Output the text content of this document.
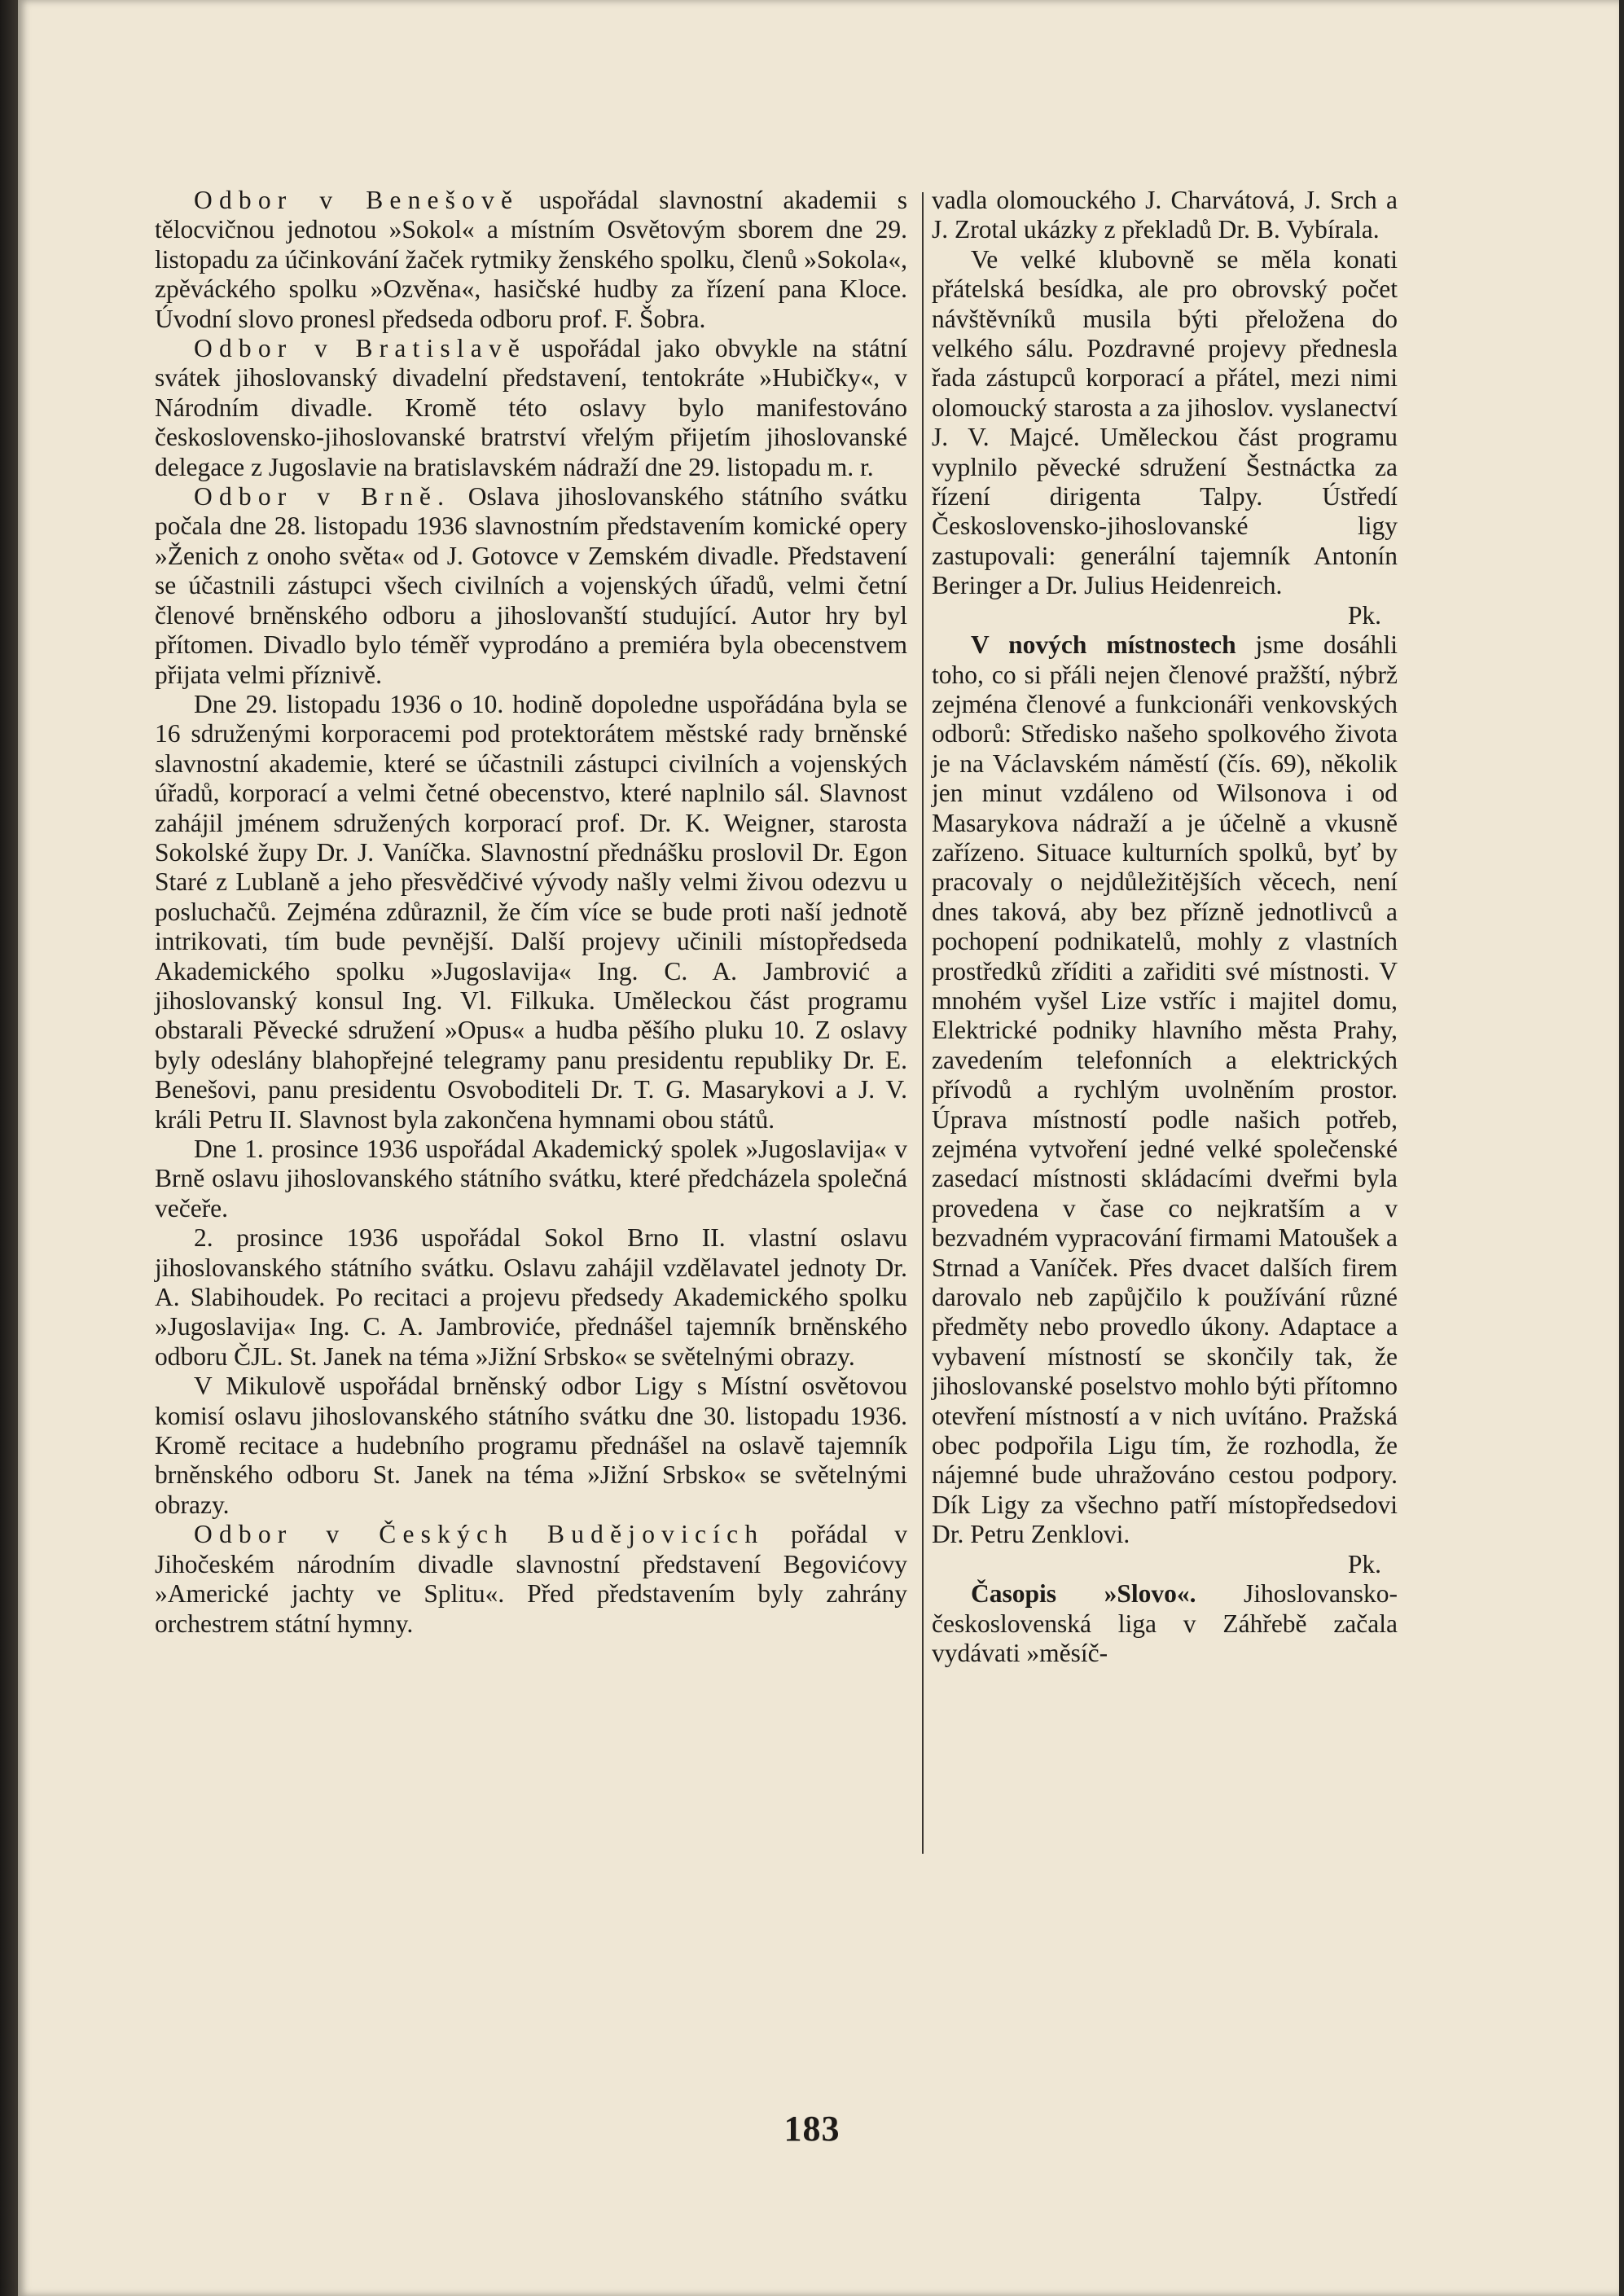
Odbor v Benešově uspořádal slavnostní akademii s tělocvičnou jednotou »Sokol« a místním Osvětovým sborem dne 29. listopadu za účinkování žaček rytmiky ženského spolku, členů »Sokola«, zpěváckého spolku »Ozvěna«, hasičské hudby za řízení pana Kloce. Úvodní slovo pronesl předseda odboru prof. F. Šobra.

Odbor v Bratislavě uspořádal jako obvykle na státní svátek jihoslovanský divadelní představení, tentokráte »Hubičky«, v Národním divadle. Kromě této oslavy bylo manifestováno československo-jihoslovanské bratrství vřelým přijetím jihoslovanské delegace z Jugoslavie na bratislavském nádraží dne 29. listopadu m. r.

Odbor v Brně. Oslava jihoslovanského státního svátku počala dne 28. listopadu 1936 slavnostním představením komické opery »Ženich z onoho světa« od J. Gotovce v Zemském divadle. Představení se účastnili zástupci všech civilních a vojenských úřadů, velmi četní členové brněnského odboru a jihoslovanští studující. Autor hry byl přítomen. Divadlo bylo téměř vyprodáno a premiéra byla obecenstvem přijata velmi příznivě.

Dne 29. listopadu 1936 o 10. hodině dopoledne uspořádána byla se 16 sdruženými korporacemi pod protektorátem městské rady brněnské slavnostní akademie, které se účastnili zástupci civilních a vojenských úřadů, korporací a velmi četné obecenstvo, které naplnilo sál. Slavnost zahájil jménem sdružených korporací prof. Dr. K. Weigner, starosta Sokolské župy Dr. J. Vaníčka. Slavnostní přednášku proslovil Dr. Egon Staré z Lublaně a jeho přesvědčivé vývody našly velmi živou odezvu u posluchačů. Zejména zdůraznil, že čím více se bude proti naší jednotě intrikovati, tím bude pevnější. Další projevy učinili místopředseda Akademického spolku »Jugoslavija« Ing. C. A. Jambrović a jihoslovanský konsul Ing. Vl. Filkuka. Uměleckou část programu obstarali Pěvecké sdružení »Opus« a hudba pěšího pluku 10. Z oslavy byly odeslány blahopřejné telegramy panu presidentu republiky Dr. E. Benešovi, panu presidentu Osvoboditeli Dr. T. G. Masarykovi a J. V. králi Petru II. Slavnost byla zakončena hymnami obou států.

Dne 1. prosince 1936 uspořádal Akademický spolek »Jugoslavija« v Brně oslavu jihoslovanského státního svátku, které předcházela společná večeře.

2. prosince 1936 uspořádal Sokol Brno II. vlastní oslavu jihoslovanského státního svátku. Oslavu zahájil vzdělavatel jednoty Dr. A. Slabihoudek. Po recitaci a projevu předsedy Akademického spolku »Jugoslavija« Ing. C. A. Jambroviće, přednášel tajemník brněnského odboru ČJL. St. Janek na téma »Jižní Srbsko« se světelnými obrazy.

V Mikulově uspořádal brněnský odbor Ligy s Místní osvětovou komisí oslavu jihoslovanského státního svátku dne 30. listopadu 1936. Kromě recitace a hudebního programu přednášel na oslavě tajemník brněnského odboru St. Janek na téma »Jižní Srbsko« se světelnými obrazy.

Odbor v Českých Budějovicích pořádal v Jihočeském národním divadle slavnostní představení Begovićovy »Americké jachty ve Splitu«. Před představením byly zahrány orchestrem státní hymny.

vadla olomouckého J. Charvátová, J. Srch a J. Zrotal ukázky z překladů Dr. B. Vybírala.

Ve velké klubovně se měla konati přátelská besídka, ale pro obrovský počet návštěvníků musila býti přeložena do velkého sálu. Pozdravné projevy přednesla řada zástupců korporací a přátel, mezi nimi olomoucký starosta a za jihoslov. vyslanectví J. V. Majcé. Uměleckou část programu vyplnilo pěvecké sdružení Šestnáctka za řízení dirigenta Talpy. Ústředí Československo-jihoslovanské ligy zastupovali: generální tajemník Antonín Beringer a Dr. Julius Heidenreich.

Pk.

V nových místnostech jsme dosáhli toho, co si přáli nejen členové pražští, nýbrž zejména členové a funkcionáři venkovských odborů: Středisko našeho spolkového života je na Václavském náměstí (čís. 69), několik jen minut vzdáleno od Wilsonova i od Masarykova nádraží a je účelně a vkusně zařízeno. Situace kulturních spolků, byť by pracovaly o nejdůležitějších věcech, není dnes taková, aby bez přízně jednotlivců a pochopení podnikatelů, mohly z vlastních prostředků zříditi a zařiditi své místnosti. V mnohém vyšel Lize vstříc i majitel domu, Elektrické podniky hlavního města Prahy, zavedením telefonních a elektrických přívodů a rychlým uvolněním prostor. Úprava místností podle našich potřeb, zejména vytvoření jedné velké společenské zasedací místnosti skládacími dveřmi byla provedena v čase co nejkratším a v bezvadném vypracování firmami Matoušek a Strnad a Vaníček. Přes dvacet dalších firem darovalo neb zapůjčilo k používání různé předměty nebo provedlo úkony. Adaptace a vybavení místností se skončily tak, že jihoslovanské poselstvo mohlo býti přítomno otevření místností a v nich uvítáno. Pražská obec podpořila Ligu tím, že rozhodla, že nájemné bude uhražováno cestou podpory. Dík Ligy za všechno patří místopředsedovi Dr. Petru Zenklovi.

Pk.

Časopis »Slovo«. Jihoslovansko-československá liga v Záhřebě začala vydávati »měsíč-

183
